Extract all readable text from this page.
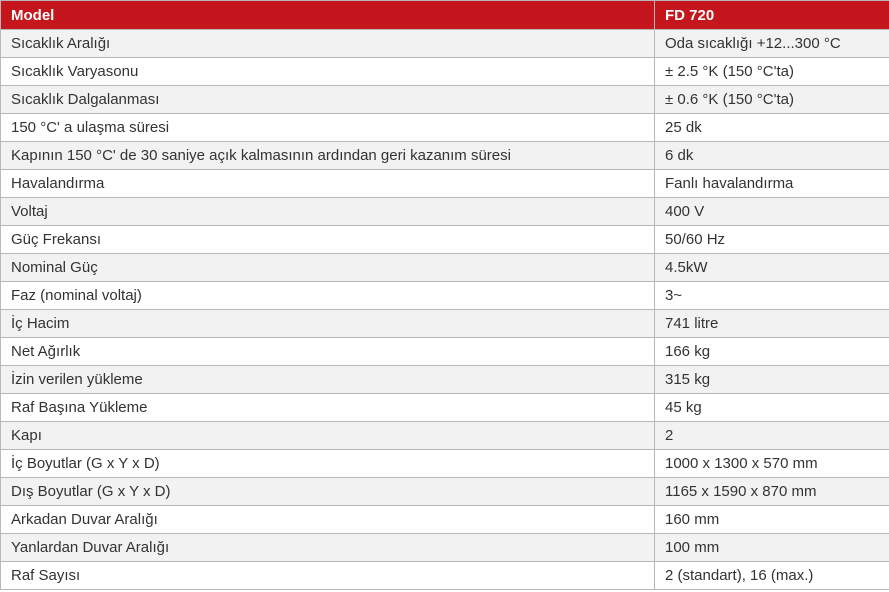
Model	FD 720
Sıcaklık Aralığı	Oda sıcaklığı +12...300 °C
Sıcaklık Varyasonu	± 2.5 °K (150 °C'ta)
Sıcaklık Dalgalanması	± 0.6 °K (150 °C'ta)
150 °C' a ulaşma süresi	25 dk
Kapının 150 °C' de 30 saniye açık kalmasının ardından geri kazanım süresi	6 dk
Havalandırma	Fanlı havalandırma
Voltaj	400 V
Güç Frekansı	50/60 Hz
Nominal Güç	4.5kW
Faz (nominal voltaj)	3~
İç Hacim	741 litre
Net Ağırlık	166 kg
İzin verilen yükleme	315 kg
Raf Başına Yükleme	45 kg
Kapı	2
İç Boyutlar (G x Y x D)	1000 x 1300 x 570 mm
Dış Boyutlar (G x Y x D)	1165 x 1590 x 870 mm
Arkadan Duvar Aralığı	160 mm
Yanlardan Duvar Aralığı	100 mm
Raf Sayısı	2 (standart), 16 (max.)
